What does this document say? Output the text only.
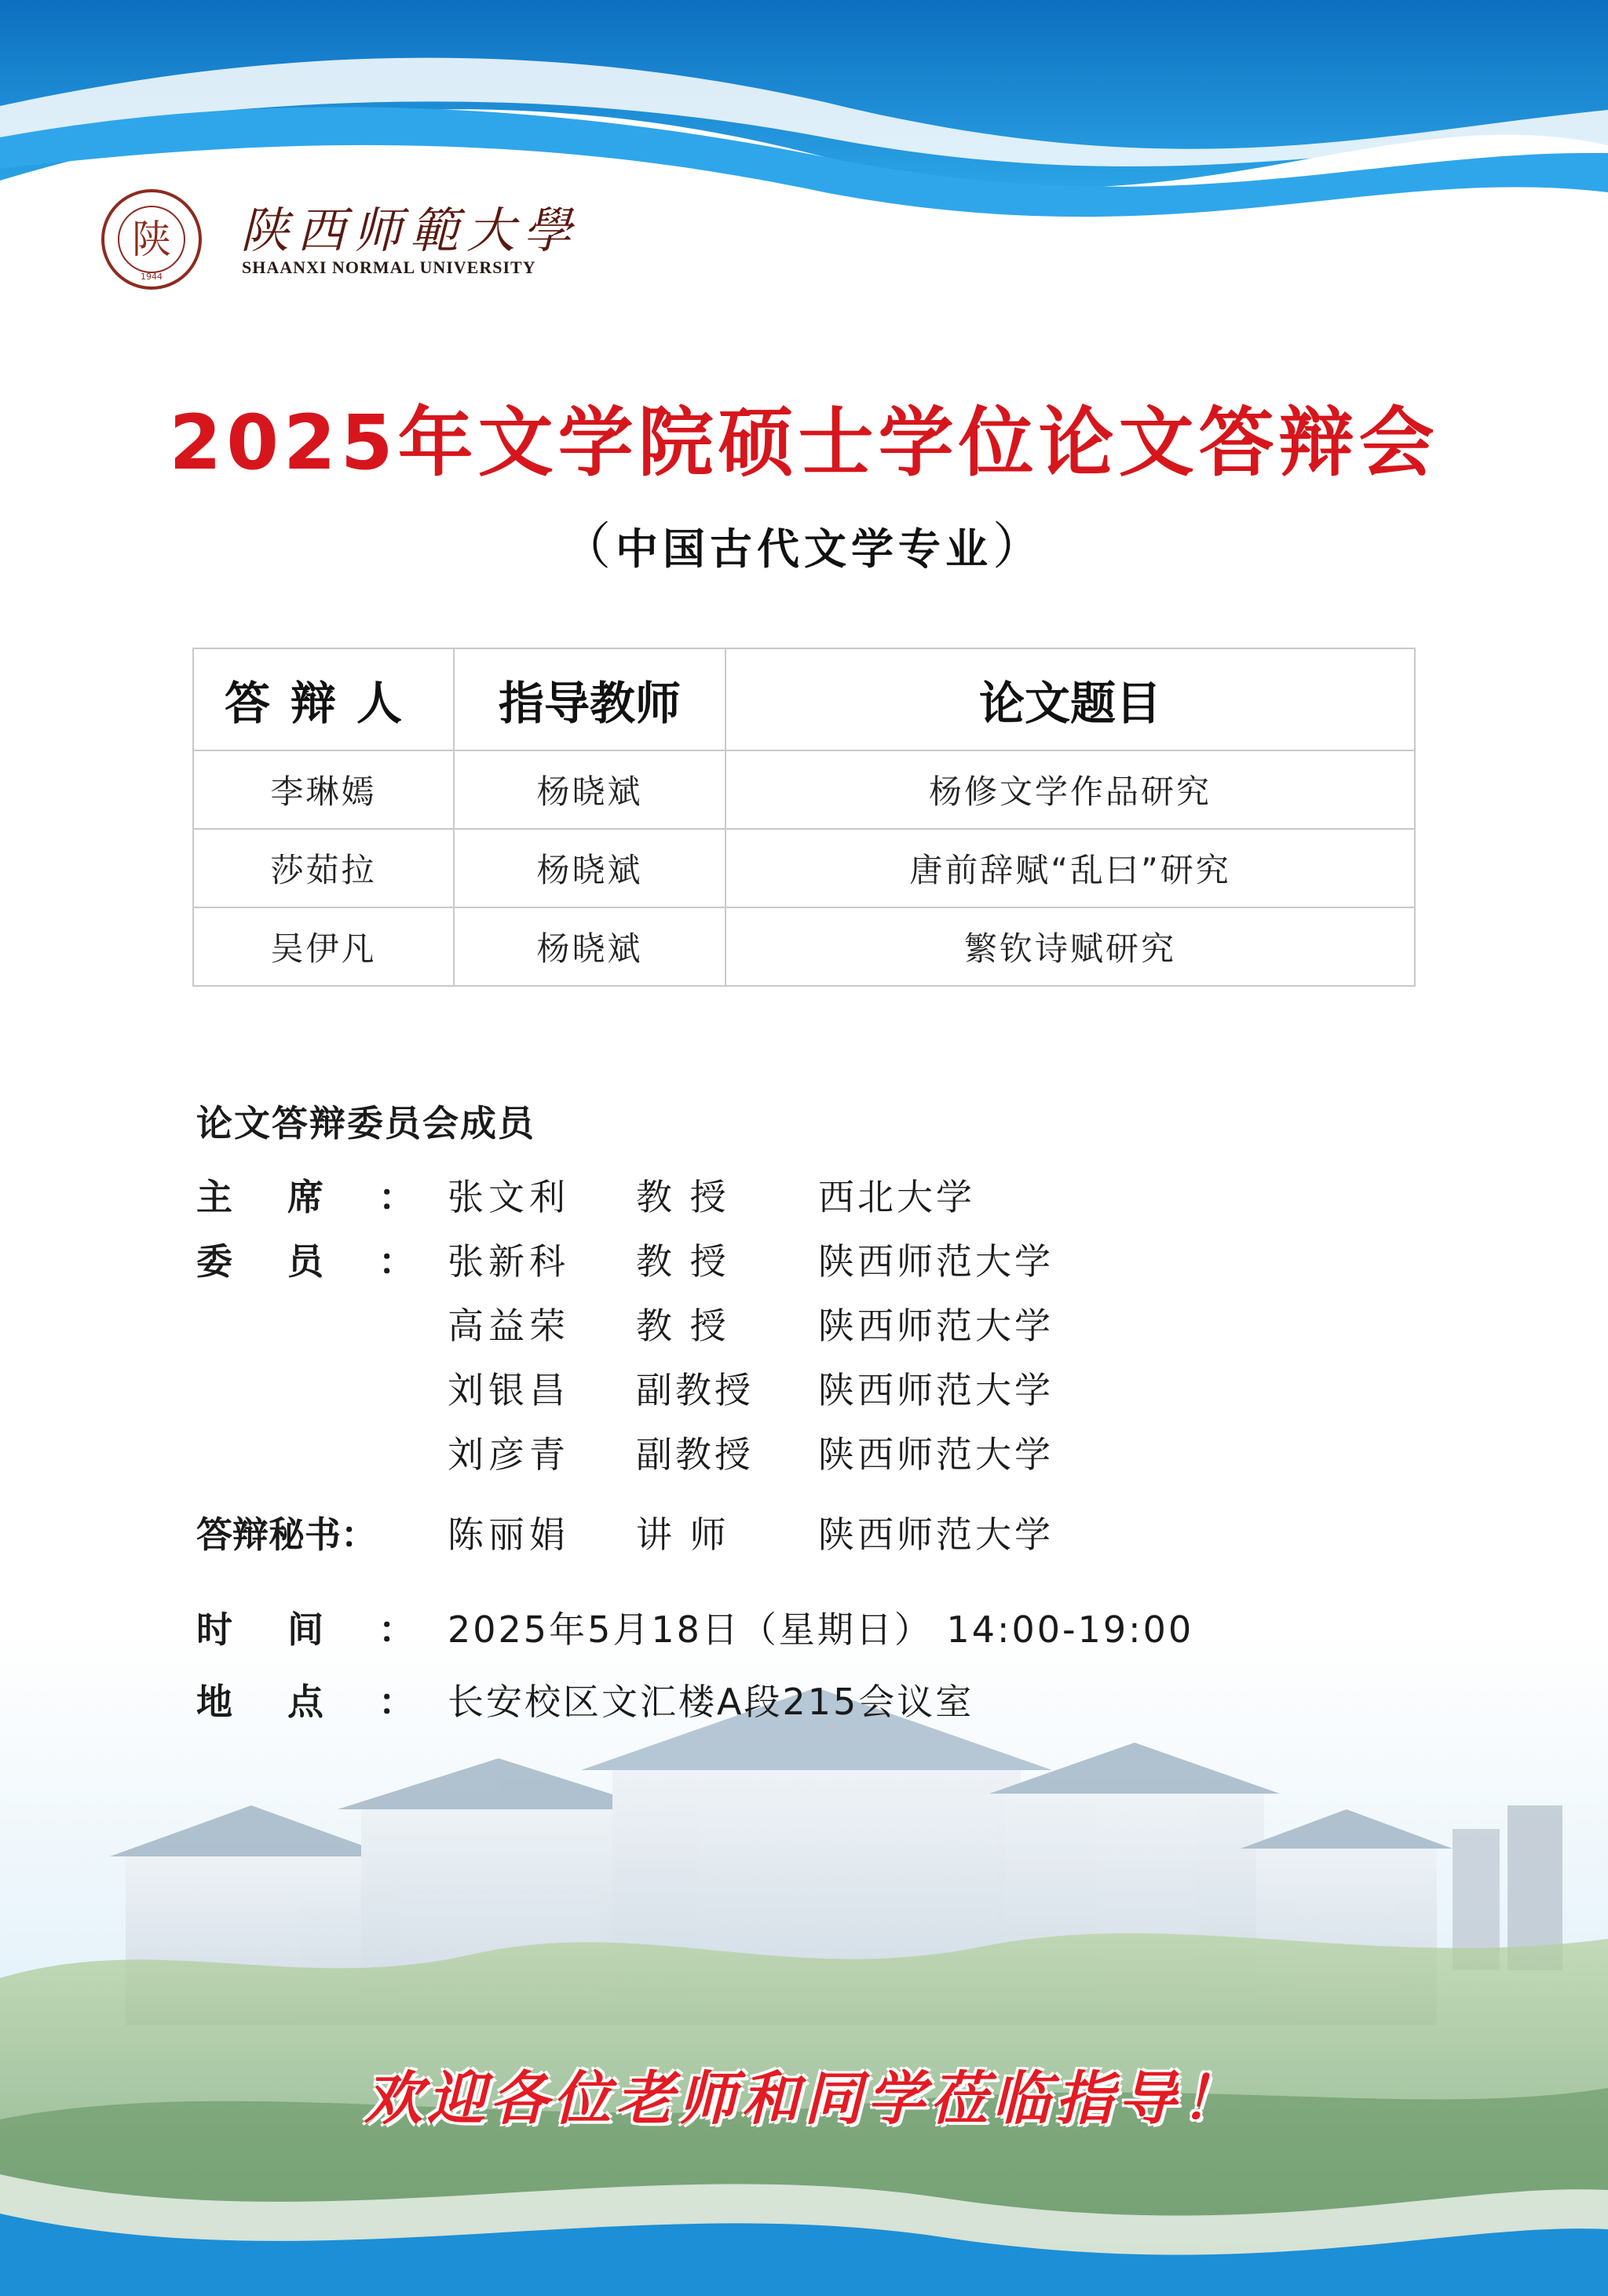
陕
1944
陕西师範大學
SHAANXI NORMAL UNIVERSITY
2025年文学院硕士学位论文答辩会
（中国古代文学专业）
答辩人	指导教师	论文题目
李琳嫣	杨晓斌	杨修文学作品研究
莎茹拉	杨晓斌	唐前辞赋“乱曰”研究
吴伊凡	杨晓斌	繁钦诗赋研究
论文答辩委员会成员
主席：
张文利 教 授 西北大学
委员：
张新科 教 授 陕西师范大学
高益荣 教 授 陕西师范大学
刘银昌 副教授 陕西师范大学
刘彦青 副教授 陕西师范大学
答辩秘书： 陈丽娟 讲 师 陕西师范大学
时间：
2025年5月18日（星期日） 14:00-19:00
地点：
长安校区文汇楼A段215会议室
欢迎各位老师和同学莅临指导！
